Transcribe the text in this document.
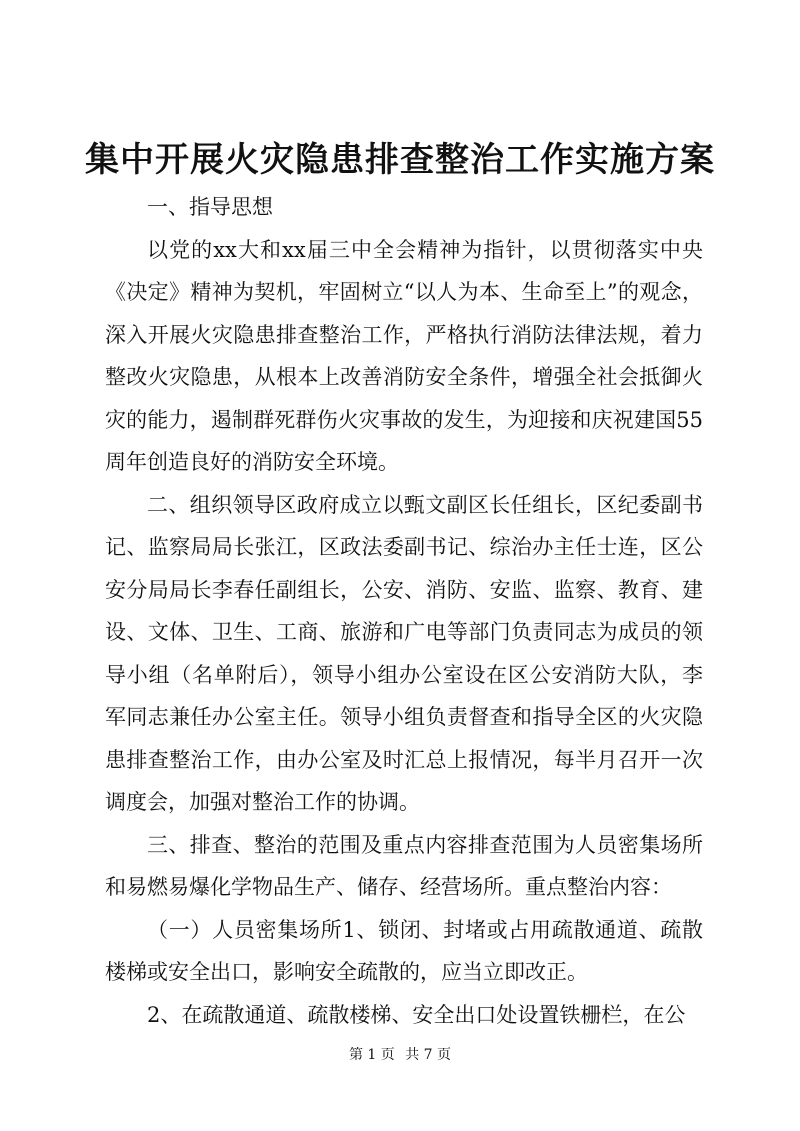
集中开展火灾隐患排查整治工作实施方案

一、指导思想

以党的xx大和xx届三中全会精神为指针，以贯彻落实中央《决定》精神为契机，牢固树立“以人为本、生命至上”的观念，深入开展火灾隐患排查整治工作，严格执行消防法律法规，着力整改火灾隐患，从根本上改善消防安全条件，增强全社会抵御火灾的能力，遏制群死群伤火灾事故的发生，为迎接和庆祝建国55周年创造良好的消防安全环境。

二、组织领导区政府成立以甄文副区长任组长，区纪委副书记、监察局局长张江，区政法委副书记、综治办主任士连，区公安分局局长李春任副组长，公安、消防、安监、监察、教育、建设、文体、卫生、工商、旅游和广电等部门负责同志为成员的领导小组（名单附后），领导小组办公室设在区公安消防大队，李军同志兼任办公室主任。领导小组负责督查和指导全区的火灾隐患排查整治工作，由办公室及时汇总上报情况，每半月召开一次调度会，加强对整治工作的协调。

三、排查、整治的范围及重点内容排查范围为人员密集场所和易燃易爆化学物品生产、储存、经营场所。重点整治内容：

（一）人员密集场所1、锁闭、封堵或占用疏散通道、疏散楼梯或安全出口，影响安全疏散的，应当立即改正。

2、在疏散通道、疏散楼梯、安全出口处设置铁栅栏，在公

第 1 页 共 7 页
